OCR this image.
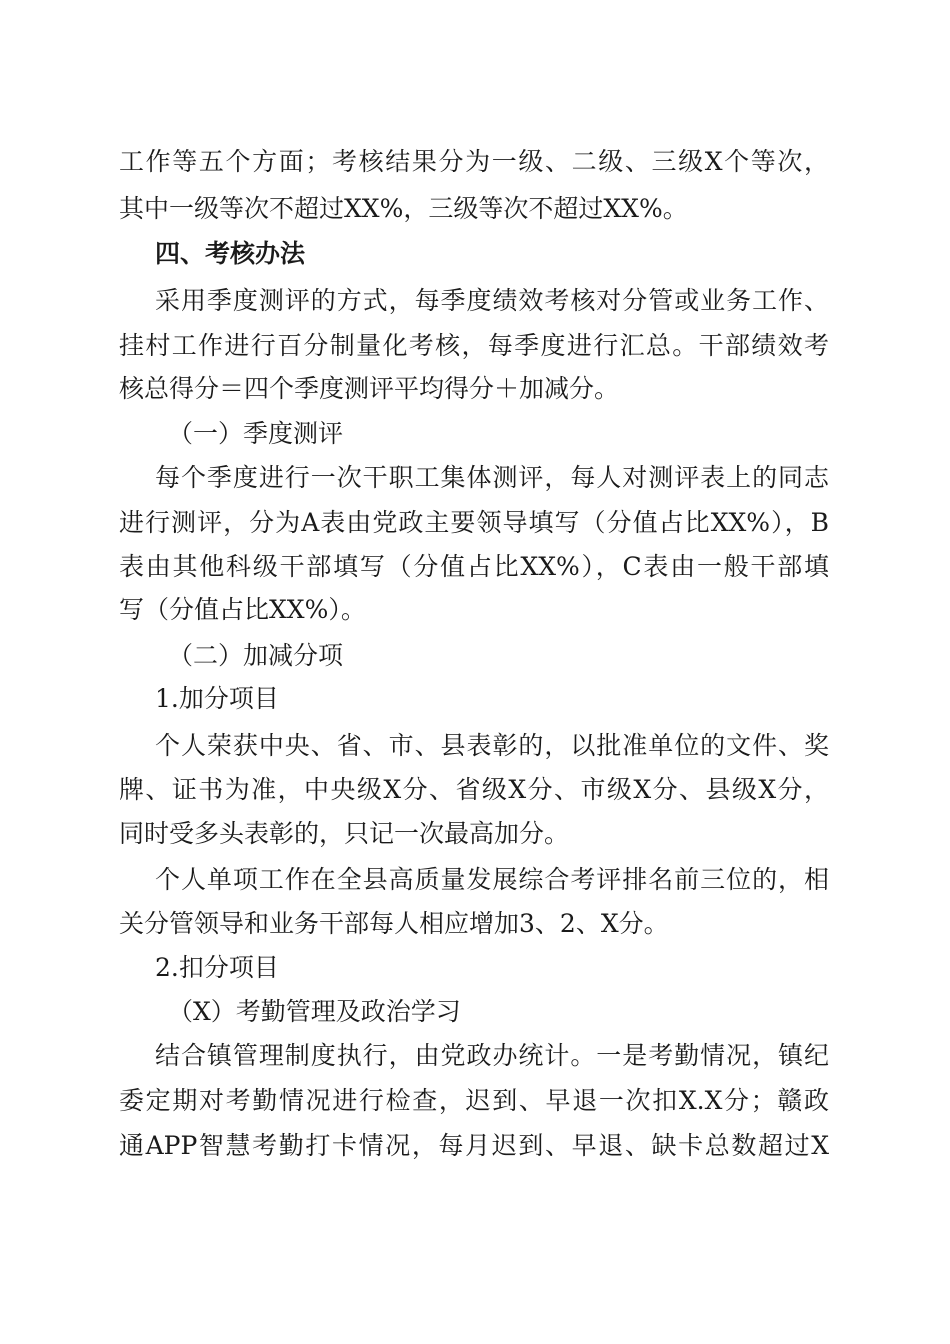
工作等五个方面；考核结果分为一级、二级、三级X个等次，
其中一级等次不超过XX%，三级等次不超过XX%。
四、考核办法
采用季度测评的方式，每季度绩效考核对分管或业务工作、
挂村工作进行百分制量化考核，每季度进行汇总。干部绩效考
核总得分＝四个季度测评平均得分＋加减分。
（一）季度测评
每个季度进行一次干职工集体测评，每人对测评表上的同志
进行测评，分为A表由党政主要领导填写（分值占比XX%），B
表由其他科级干部填写（分值占比XX%），C表由一般干部填
写（分值占比XX%）。
（二）加减分项
1.加分项目
个人荣获中央、省、市、县表彰的，以批准单位的文件、奖
牌、证书为准，中央级X分、省级X分、市级X分、县级X分，
同时受多头表彰的，只记一次最高加分。
个人单项工作在全县高质量发展综合考评排名前三位的，相
关分管领导和业务干部每人相应增加3、2、X分。
2.扣分项目
（X）考勤管理及政治学习
结合镇管理制度执行，由党政办统计。一是考勤情况，镇纪
委定期对考勤情况进行检查，迟到、早退一次扣X.X分；赣政
通APP智慧考勤打卡情况，每月迟到、早退、缺卡总数超过X
